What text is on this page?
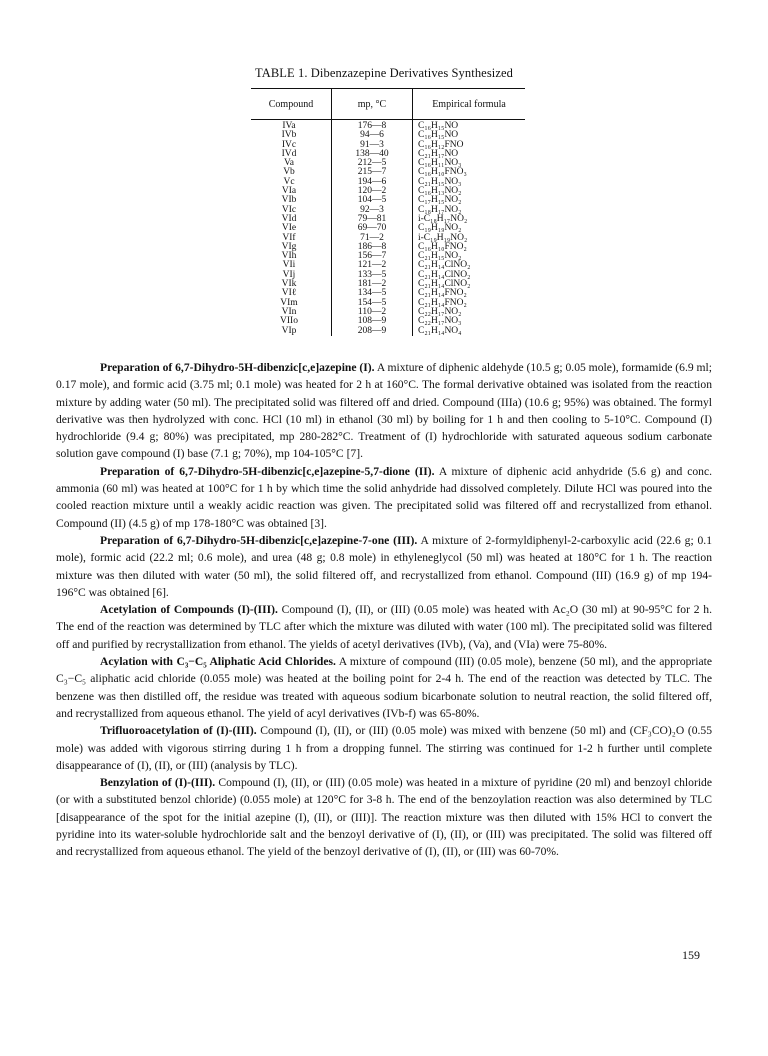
TABLE 1. Dibenzazepine Derivatives Synthesized
Compound	mp, °C	Empirical formula
IVa	176—8	C₁₆H₁₅NO
IVb	94—6	C₁₆H₁₅NO
IVc	91—3	C₁₆H₁₂FNO
IVd	138—40	C₂₁H₁₇NO
Va	212—5	C₁₆H₁₁NO₃
Vb	215—7	C₁₆H₁₀FNO₃
Vc	194—6	C₂₁H₁₅NO₃
VIa	120—2	C₁₆H₁₃NO₂
VIb	104—5	C₁₇H₁₅NO₂
VIc	92—3	C₁₈H₁₇NO₂
VId	79—81	i-C₁₈H₁₇NO₂
VIe	69—70	C₁₉H₁₉NO₂
VIf	71—2	i-C₁₉H₁₉NO₂
VIg	186—8	C₁₆H₁₀FNO₂
VIh	156—7	C₂₁H₁₅NO₂
VIi	121—2	C₂₁H₁₄ClNO₂
VIj	133—5	C₂₁H₁₄ClNO₂
VIk	181—2	C₂₁H₁₄ClNO₂
VIℓ	134—5	C₂₁H₁₄FNO₂
VIm	154—5	C₂₁H₁₄FNO₂
VIn	110—2	C₂₂H₁₇NO₂
VIIo	108—9	C₂₂H₁₇NO₃
VIp	208—9	C₂₁H₁₄NO₄

Preparation of 6,7-Dihydro-5H-dibenzic[c,e]azepine (I). A mixture of diphenic aldehyde (10.5 g; 0.05 mole), formamide (6.9 ml; 0.17 mole), and formic acid (3.75 ml; 0.1 mole) was heated for 2 h at 160°C. The formal derivative obtained was isolated from the reaction mixture by adding water (50 ml). The precipitated solid was filtered off and dried. Compound (IIIa) (10.6 g; 95%) was obtained. The formyl derivative was then hydrolyzed with conc. HCl (10 ml) in ethanol (30 ml) by boiling for 1 h and then cooling to 5-10°C. Compound (I) hydrochloride (9.4 g; 80%) was precipitated, mp 280-282°C. Treatment of (I) hydrochloride with saturated aqueous sodium carbonate solution gave compound (I) base (7.1 g; 70%), mp 104-105°C [7].

Preparation of 6,7-Dihydro-5H-dibenzic[c,e]azepine-5,7-dione (II). A mixture of diphenic acid anhydride (5.6 g) and conc. ammonia (60 ml) was heated at 100°C for 1 h by which time the solid anhydride had dissolved completely. Dilute HCl was poured into the cooled reaction mixture until a weakly acidic reaction was given. The precipitated solid was filtered off and recrystallized from ethanol. Compound (II) (4.5 g) of mp 178-180°C was obtained [3].

Preparation of 6,7-Dihydro-5H-dibenzic[c,e]azepine-7-one (III). A mixture of 2-formyldiphenyl-2-carboxylic acid (22.6 g; 0.1 mole), formic acid (22.2 ml; 0.6 mole), and urea (48 g; 0.8 mole) in ethyleneglycol (50 ml) was heated at 180°C for 1 h. The reaction mixture was then diluted with water (50 ml), the solid filtered off, and recrystallized from ethanol. Compound (III) (16.9 g) of mp 194-196°C was obtained [6].

Acetylation of Compounds (I)-(III). Compound (I), (II), or (III) (0.05 mole) was heated with Ac₂O (30 ml) at 90-95°C for 2 h. The end of the reaction was determined by TLC after which the mixture was diluted with water (100 ml). The precipitated solid was filtered off and purified by recrystallization from ethanol. The yields of acetyl derivatives (IVb), (Va), and (VIa) were 75-80%.

Acylation with C₃−C₅ Aliphatic Acid Chlorides. A mixture of compound (III) (0.05 mole), benzene (50 ml), and the appropriate C₃−C₅ aliphatic acid chloride (0.055 mole) was heated at the boiling point for 2-4 h. The end of the reaction was detected by TLC. The benzene was then distilled off, the residue was treated with aqueous sodium bicarbonate solution to neutral reaction, the solid filtered off, and recrystallized from aqueous ethanol. The yield of acyl derivatives (IVb-f) was 65-80%.

Trifluoroacetylation of (I)-(III). Compound (I), (II), or (III) (0.05 mole) was mixed with benzene (50 ml) and (CF₃CO)₂O (0.55 mole) was added with vigorous stirring during 1 h from a dropping funnel. The stirring was continued for 1-2 h further until complete disappearance of (I), (II), or (III) (analysis by TLC).

Benzylation of (I)-(III). Compound (I), (II), or (III) (0.05 mole) was heated in a mixture of pyridine (20 ml) and benzoyl chloride (or with a substituted benzol chloride) (0.055 mole) at 120°C for 3-8 h. The end of the benzoylation reaction was also determined by TLC [disappearance of the spot for the initial azepine (I), (II), or (III)]. The reaction mixture was then diluted with 15% HCl to convert the pyridine into its water-soluble hydrochloride salt and the benzoyl derivative of (I), (II), or (III) was precipitated. The solid was filtered off and recrystallized from aqueous ethanol. The yield of the benzoyl derivative of (I), (II), or (III) was 60-70%.

159
